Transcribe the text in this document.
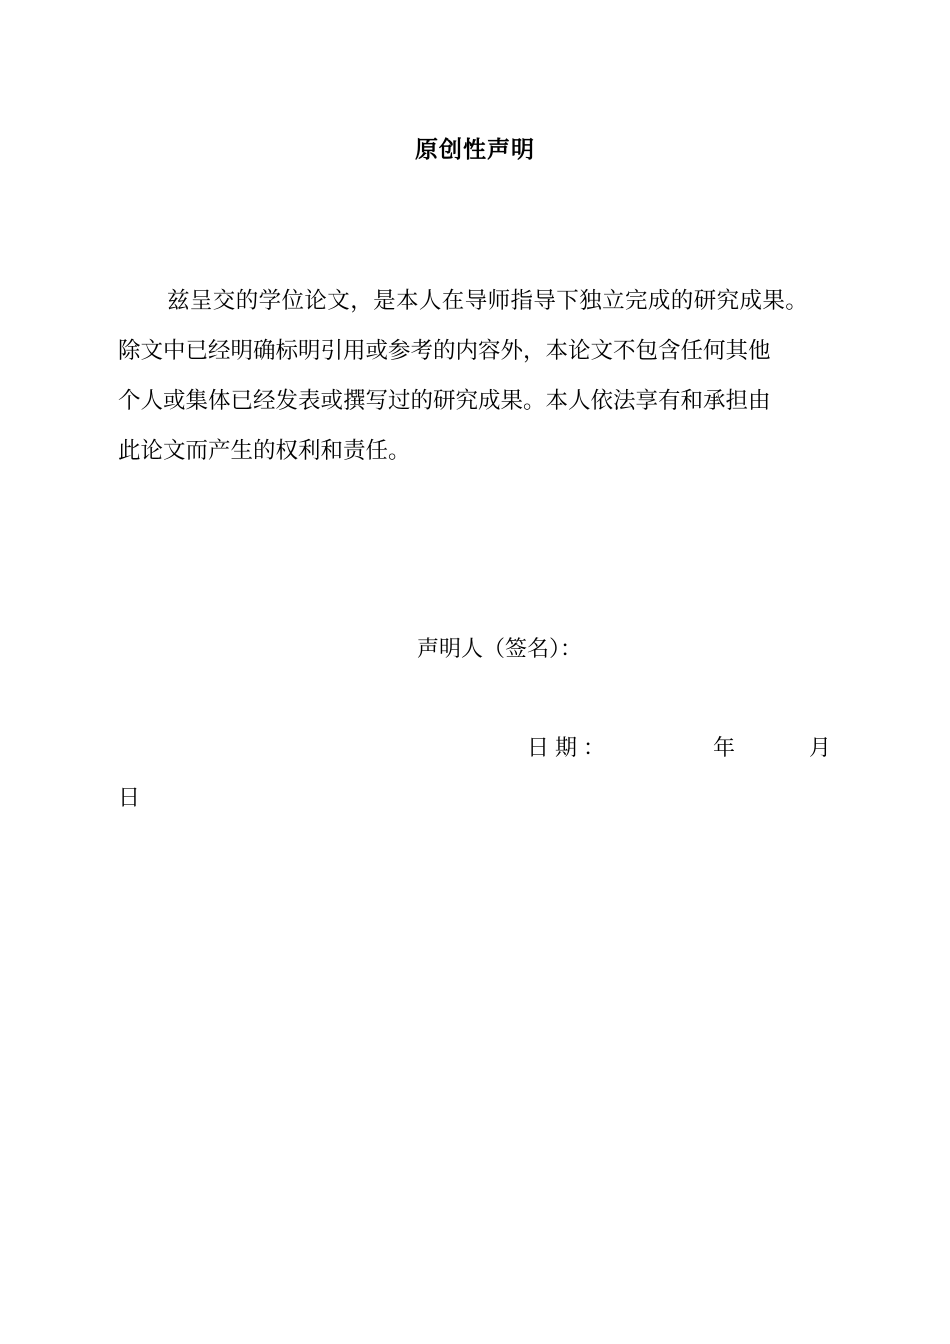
原创性声明
兹呈交的学位论文，是本人在导师指导下独立完成的研究成果。
除文中已经明确标明引用或参考的内容外，本论文不包含任何其他
个人或集体已经发表或撰写过的研究成果。本人依法享有和承担由
此论文而产生的权利和责任。
声明人（签名）：
日期：	年	月
日
